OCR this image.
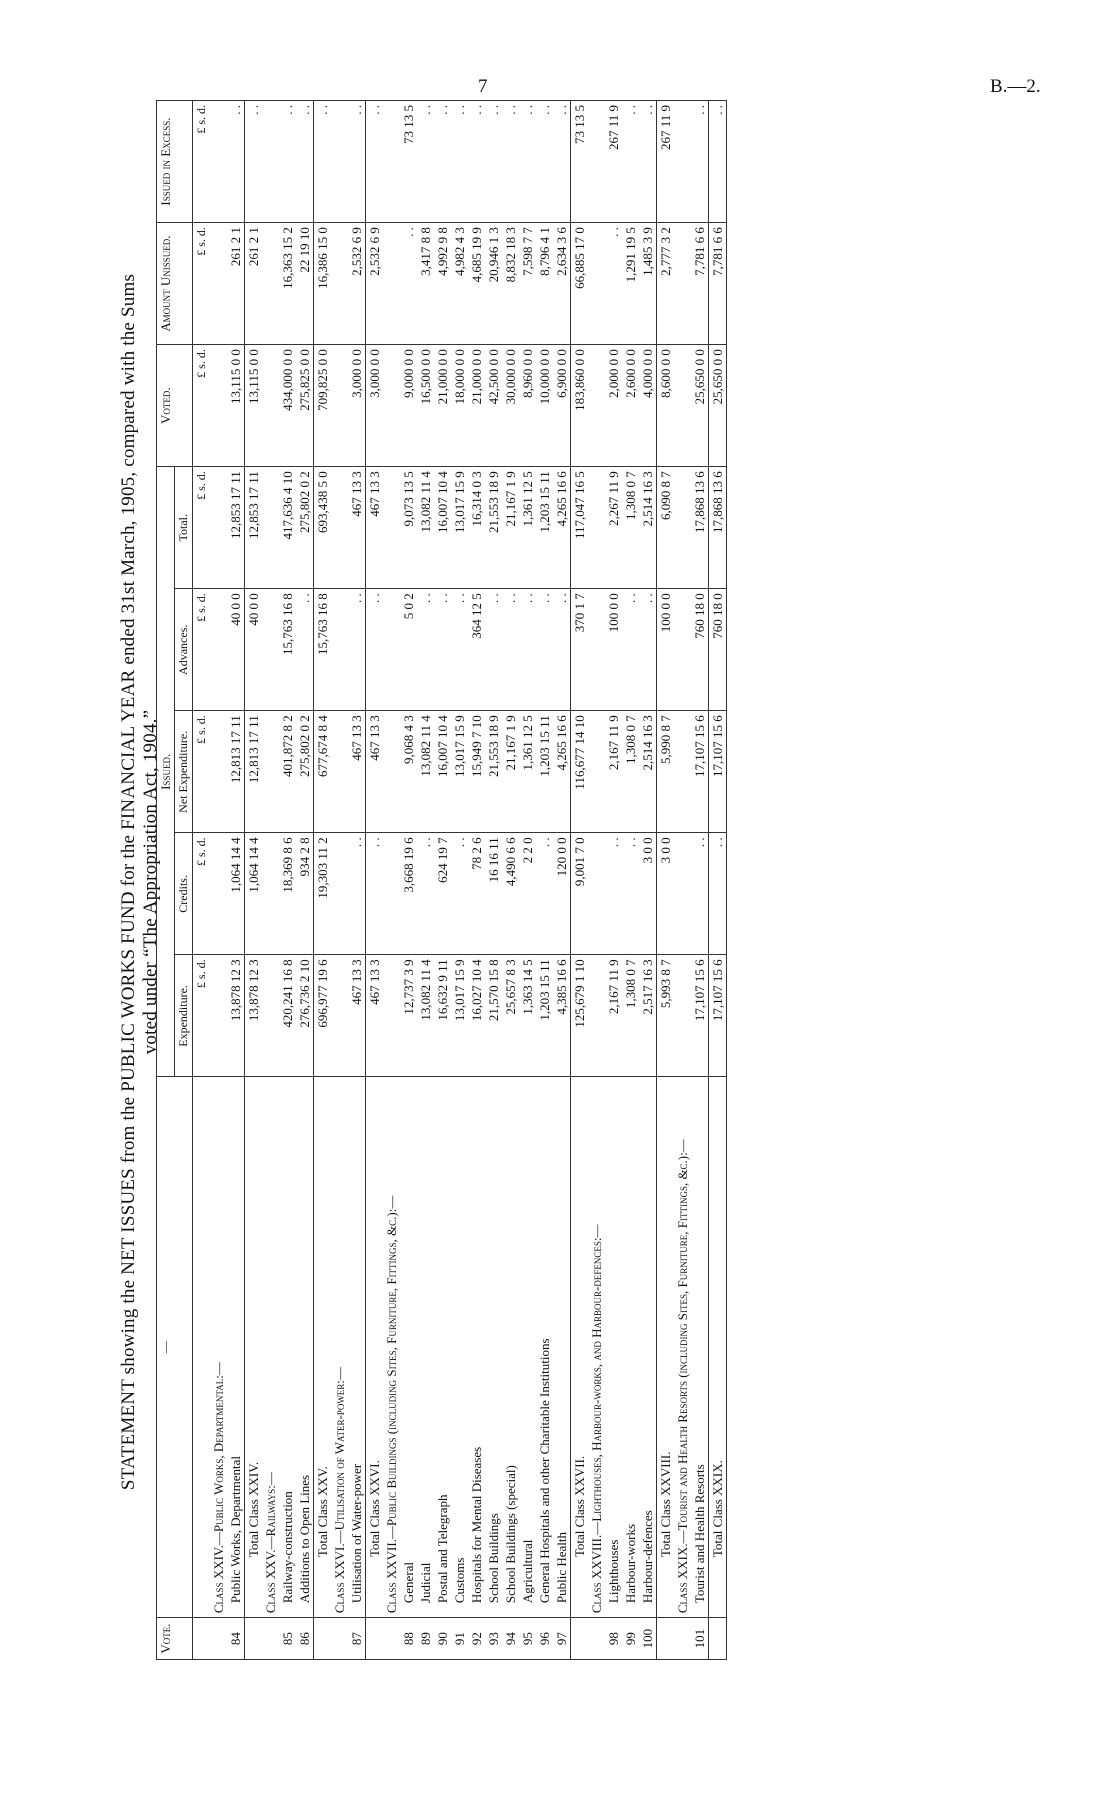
7	B.—2.
STATEMENT showing the NET ISSUES from the PUBLIC WORKS FUND for the FINANCIAL YEAR ended 31st March, 1905, compared with the Sums voted under “The Appropriation Act, 1904.”
Vote.	—	Issued.					Voted.	Amount Unissued.	Issued in Excess.
		Expenditure.	Credits.	Net Expenditure.	Advances.	Total.			
		£ s. d.	£ s. d.	£ s. d.	£ s. d.	£ s. d.	£ s. d.	£ s. d.	£ s. d.
	Class XXIV.—Public Works, Departmental:—								
84	Public Works, Departmental	13,878 12 3	1,064 14 4	12,813 17 11	40 0 0	12,853 17 11	13,115 0 0	261 2 1	. .
	Total Class XXIV.	13,878 12 3	1,064 14 4	12,813 17 11	40 0 0	12,853 17 11	13,115 0 0	261 2 1	. .
	Class XXV.—Railways:—								
85	Railway-construction	420,241 16 8	18,369 8 6	401,872 8 2	15,763 16 8	417,636 4 10	434,000 0 0	16,363 15 2	. .
86	Additions to Open Lines	276,736 2 10	934 2 8	275,802 0 2	. .	275,802 0 2	275,825 0 0	22 19 10	. .
	Total Class XXV.	696,977 19 6	19,303 11 2	677,674 8 4	15,763 16 8	693,438 5 0	709,825 0 0	16,386 15 0	. .
	Class XXVI.—Utilisation of Water-power:—								
87	Utilisation of Water-power	467 13 3	. .	467 13 3	. .	467 13 3	3,000 0 0	2,532 6 9	. .
	Total Class XXVI.	467 13 3	. .	467 13 3	. .	467 13 3	3,000 0 0	2,532 6 9	. .
	Class XXVII.—Public Buildings (including Sites, Furniture, Fittings, &c.):—								
88	General	12,737 3 9	3,668 19 6	9,068 4 3	5 0 2	9,073 13 5	9,000 0 0	. .	73 13 5
89	Judicial	13,082 11 4	. .	13,082 11 4	. .	13,082 11 4	16,500 0 0	3,417 8 8	. .
90	Postal and Telegraph	16,632 9 11	624 19 7	16,007 10 4	. .	16,007 10 4	21,000 0 0	4,992 9 8	. .
91	Customs	13,017 15 9	. .	13,017 15 9	. .	13,017 15 9	18,000 0 0	4,982 4 3	. .
92	Hospitals for Mental Diseases	16,027 10 4	78 2 6	15,949 7 10	364 12 5	16,314 0 3	21,000 0 0	4,685 19 9	. .
93	School Buildings	21,570 15 8	16 16 11	21,553 18 9	. .	21,553 18 9	42,500 0 0	20,946 1 3	. .
94	School Buildings (special)	25,657 8 3	4,490 6 6	21,167 1 9	. .	21,167 1 9	30,000 0 0	8,832 18 3	. .
95	Agricultural	1,363 14 5	2 2 0	1,361 12 5	. .	1,361 12 5	8,960 0 0	7,598 7 7	. .
96	General Hospitals and other Charitable Institutions	1,203 15 11	. .	1,203 15 11	. .	1,203 15 11	10,000 0 0	8,796 4 1	. .
97	Public Health	4,385 16 6	120 0 0	4,265 16 6	. .	4,265 16 6	6,900 0 0	2,634 3 6	. .
	Total Class XXVII.	125,679 1 10	9,001 7 0	116,677 14 10	370 1 7	117,047 16 5	183,860 0 0	66,885 17 0	73 13 5
	Class XXVIII.—Lighthouses, Harbour-works, and Harbour-defences:—								
98	Lighthouses	2,167 11 9	. .	2,167 11 9	100 0 0	2,267 11 9	2,000 0 0	. .	267 11 9
99	Harbour-works	1,308 0 7	. .	1,308 0 7	. .	1,308 0 7	2,600 0 0	1,291 19 5	. .
100	Harbour-defences	2,517 16 3	3 0 0	2,514 16 3	. .	2,514 16 3	4,000 0 0	1,485 3 9	. .
	Total Class XXVIII.	5,993 8 7	3 0 0	5,990 8 7	100 0 0	6,090 8 7	8,600 0 0	2,777 3 2	267 11 9
	Class XXIX.—Tourist and Health Resorts (including Sites, Furniture, Fittings, &c.):—								
101	Tourist and Health Resorts	17,107 15 6	. .	17,107 15 6	760 18 0	17,868 13 6	25,650 0 0	7,781 6 6	. .
	Total Class XXIX.	17,107 15 6	. .	17,107 15 6	760 18 0	17,868 13 6	25,650 0 0	7,781 6 6	. .
